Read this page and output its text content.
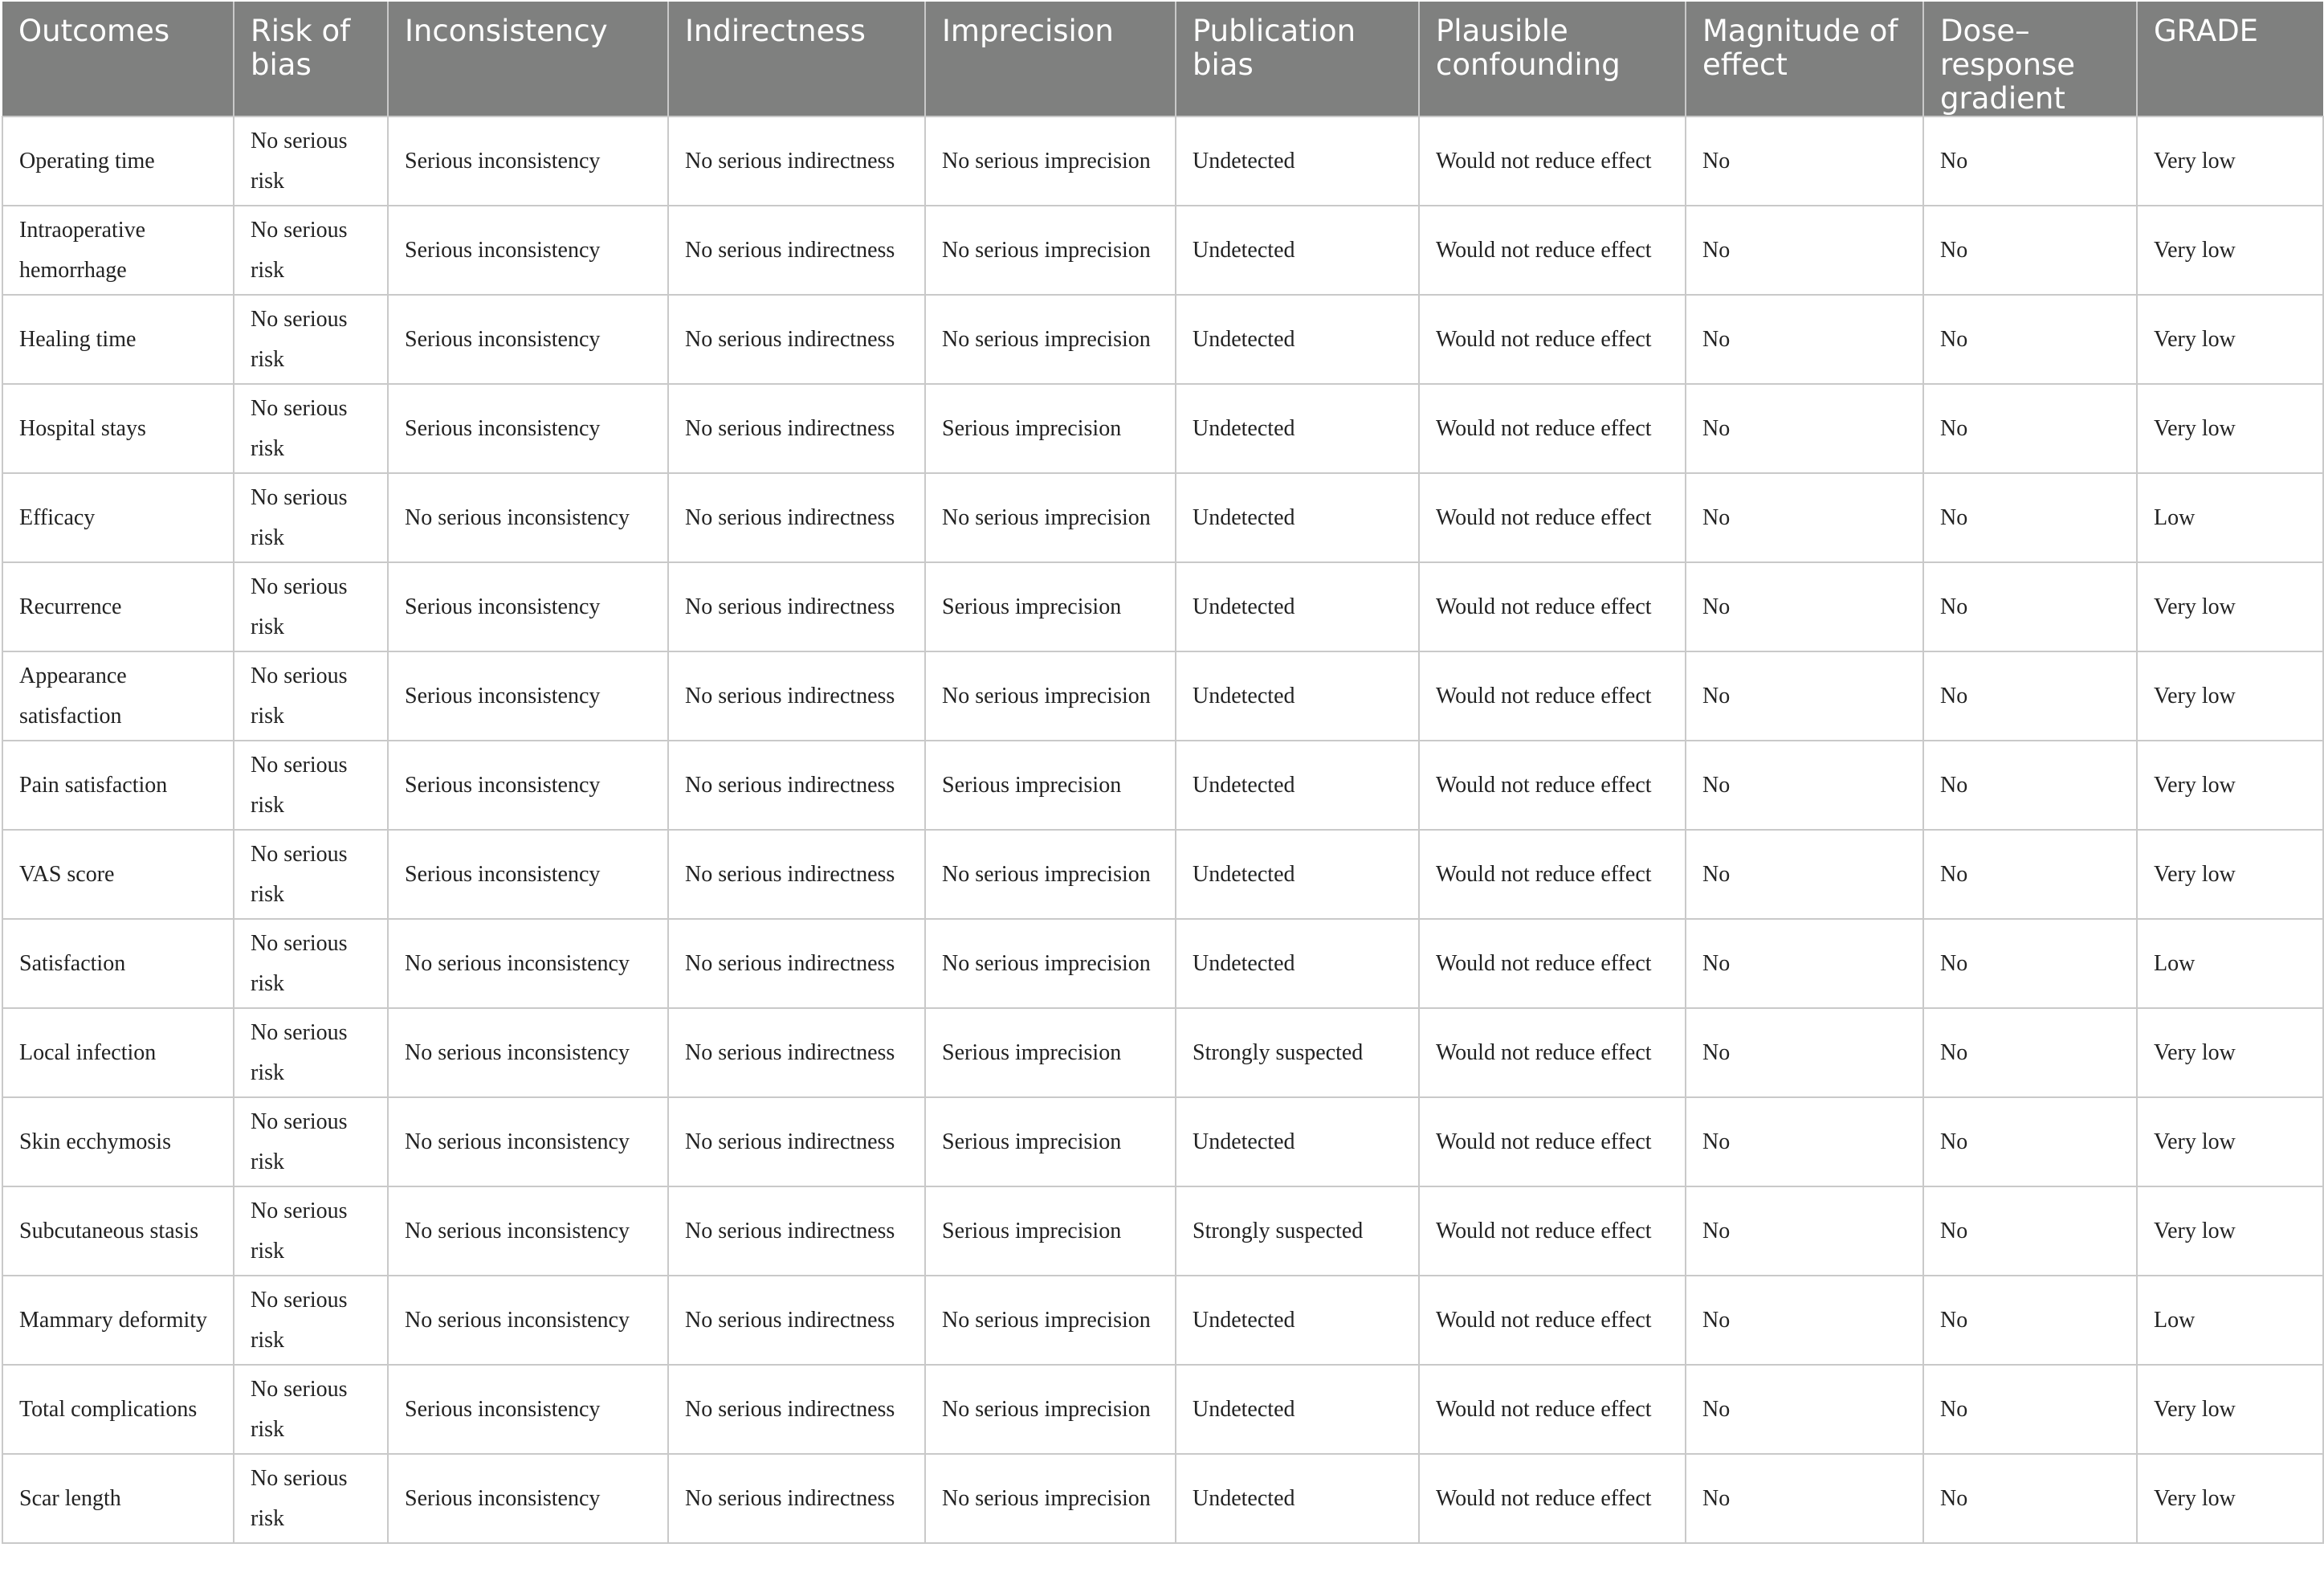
Outcomes	Risk of bias	Inconsistency	Indirectness	Imprecision	Publication bias	Plausible confounding	Magnitude of effect	Dose–response gradient	GRADE
Operating time	No serious risk	Serious inconsistency	No serious indirectness	No serious imprecision	Undetected	Would not reduce effect	No	No	Very low
Intraoperative hemorrhage	No serious risk	Serious inconsistency	No serious indirectness	No serious imprecision	Undetected	Would not reduce effect	No	No	Very low
Healing time	No serious risk	Serious inconsistency	No serious indirectness	No serious imprecision	Undetected	Would not reduce effect	No	No	Very low
Hospital stays	No serious risk	Serious inconsistency	No serious indirectness	Serious imprecision	Undetected	Would not reduce effect	No	No	Very low
Efficacy	No serious risk	No serious inconsistency	No serious indirectness	No serious imprecision	Undetected	Would not reduce effect	No	No	Low
Recurrence	No serious risk	Serious inconsistency	No serious indirectness	Serious imprecision	Undetected	Would not reduce effect	No	No	Very low
Appearance satisfaction	No serious risk	Serious inconsistency	No serious indirectness	No serious imprecision	Undetected	Would not reduce effect	No	No	Very low
Pain satisfaction	No serious risk	Serious inconsistency	No serious indirectness	Serious imprecision	Undetected	Would not reduce effect	No	No	Very low
VAS score	No serious risk	Serious inconsistency	No serious indirectness	No serious imprecision	Undetected	Would not reduce effect	No	No	Very low
Satisfaction	No serious risk	No serious inconsistency	No serious indirectness	No serious imprecision	Undetected	Would not reduce effect	No	No	Low
Local infection	No serious risk	No serious inconsistency	No serious indirectness	Serious imprecision	Strongly suspected	Would not reduce effect	No	No	Very low
Skin ecchymosis	No serious risk	No serious inconsistency	No serious indirectness	Serious imprecision	Undetected	Would not reduce effect	No	No	Very low
Subcutaneous stasis	No serious risk	No serious inconsistency	No serious indirectness	Serious imprecision	Strongly suspected	Would not reduce effect	No	No	Very low
Mammary deformity	No serious risk	No serious inconsistency	No serious indirectness	No serious imprecision	Undetected	Would not reduce effect	No	No	Low
Total complications	No serious risk	Serious inconsistency	No serious indirectness	No serious imprecision	Undetected	Would not reduce effect	No	No	Very low
Scar length	No serious risk	Serious inconsistency	No serious indirectness	No serious imprecision	Undetected	Would not reduce effect	No	No	Very low
